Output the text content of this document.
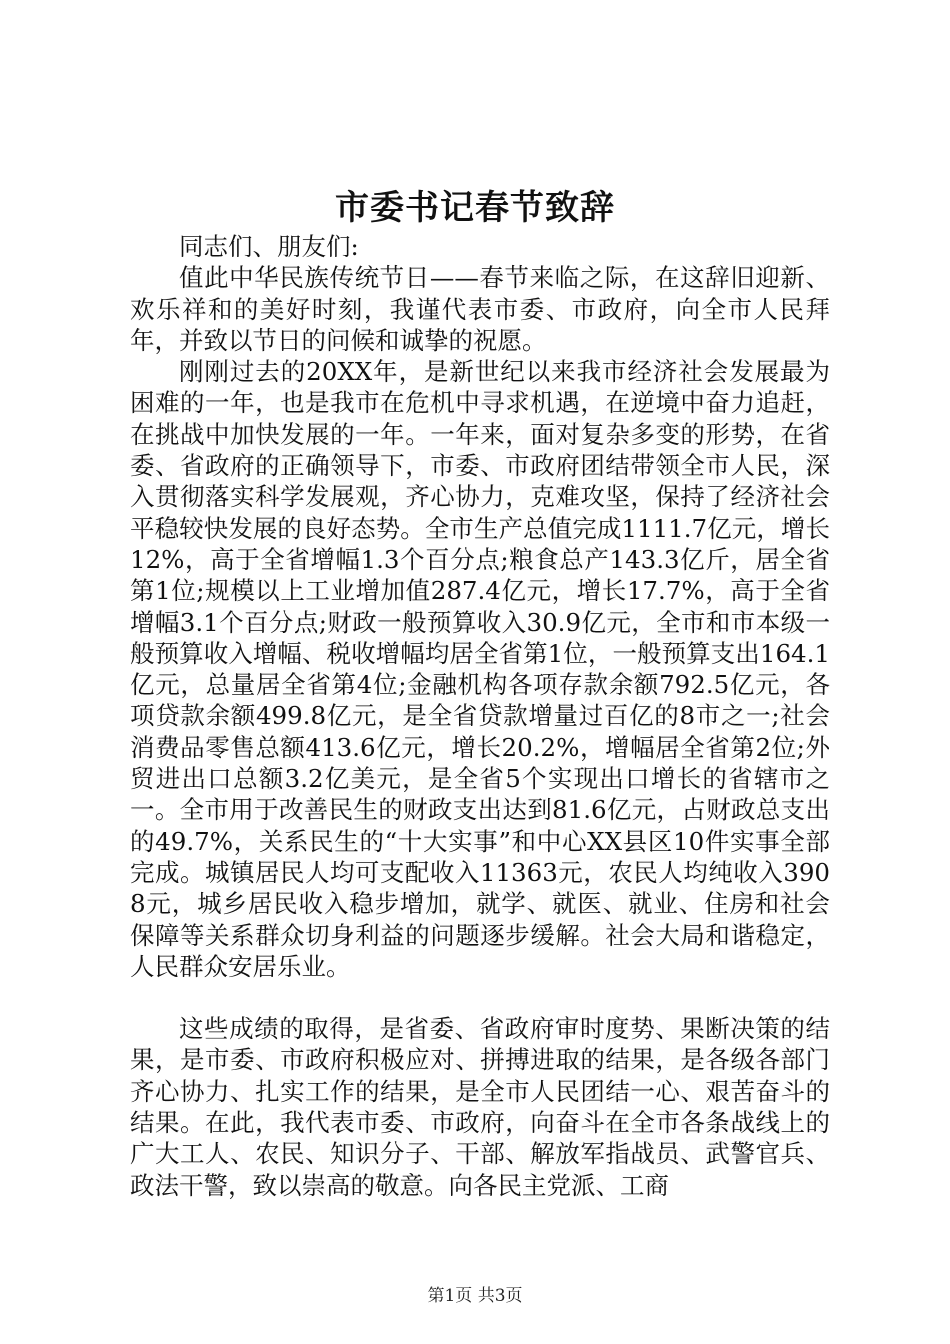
市委书记春节致辞

同志们、朋友们:

值此中华民族传统节日——春节来临之际，在这辞旧迎新、欢乐祥和的美好时刻，我谨代表市委、市政府，向全市人民拜年，并致以节日的问候和诚挚的祝愿。

刚刚过去的20XX年，是新世纪以来我市经济社会发展最为困难的一年，也是我市在危机中寻求机遇，在逆境中奋力追赶，在挑战中加快发展的一年。一年来，面对复杂多变的形势，在省委、省政府的正确领导下，市委、市政府团结带领全市人民，深入贯彻落实科学发展观，齐心协力，克难攻坚，保持了经济社会平稳较快发展的良好态势。全市生产总值完成1111.7亿元，增长12%，高于全省增幅1.3个百分点;粮食总产143.3亿斤，居全省第1位;规模以上工业增加值287.4亿元，增长17.7%，高于全省增幅3.1个百分点;财政一般预算收入30.9亿元，全市和市本级一般预算收入增幅、税收增幅均居全省第1位，一般预算支出164.1亿元，总量居全省第4位;金融机构各项存款余额792.5亿元，各项贷款余额499.8亿元，是全省贷款增量过百亿的8市之一;社会消费品零售总额413.6亿元，增长20.2%，增幅居全省第2位;外贸进出口总额3.2亿美元，是全省5个实现出口增长的省辖市之一。全市用于改善民生的财政支出达到81.6亿元，占财政总支出的49.7%，关系民生的“十大实事”和中心XX县区10件实事全部完成。城镇居民人均可支配收入11363元，农民人均纯收入3908元，城乡居民收入稳步增加，就学、就医、就业、住房和社会保障等关系群众切身利益的问题逐步缓解。社会大局和谐稳定，人民群众安居乐业。

这些成绩的取得，是省委、省政府审时度势、果断决策的结果，是市委、市政府积极应对、拼搏进取的结果，是各级各部门齐心协力、扎实工作的结果，是全市人民团结一心、艰苦奋斗的结果。在此，我代表市委、市政府，向奋斗在全市各条战线上的广大工人、农民、知识分子、干部、解放军指战员、武警官兵、政法干警，致以崇高的敬意。向各民主党派、工商

第1页 共3页
